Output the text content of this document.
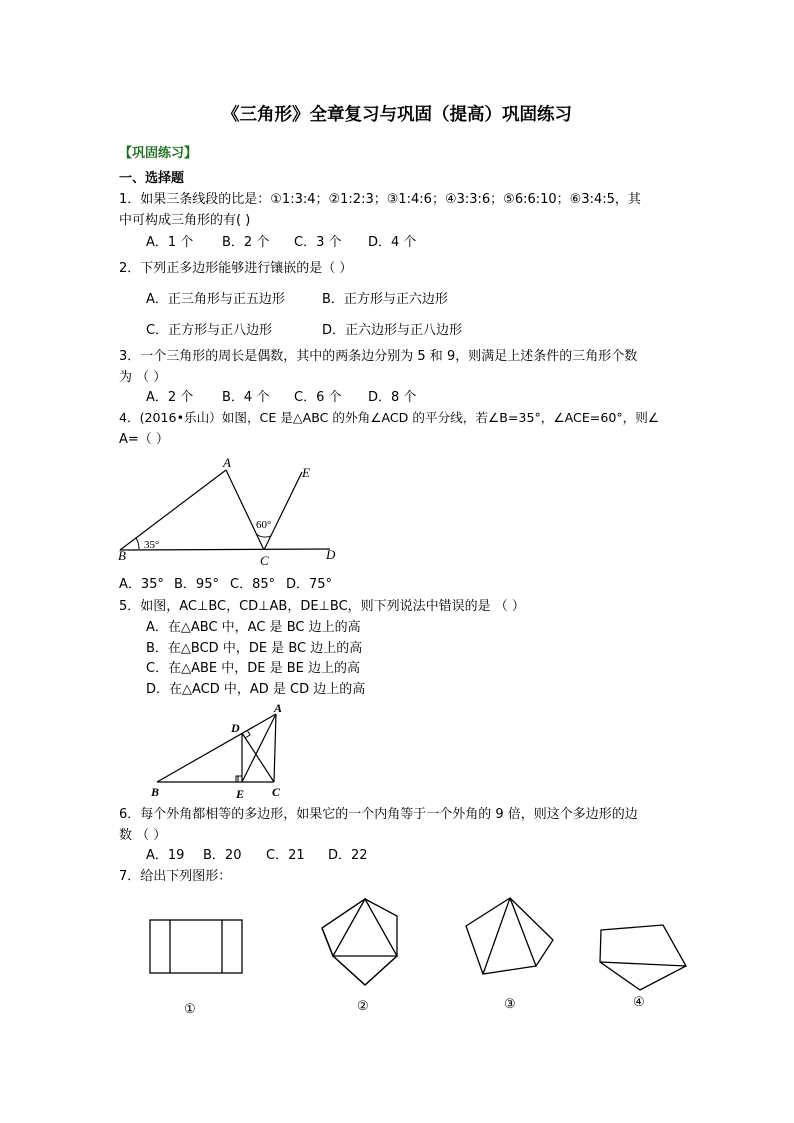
《三角形》全章复习与巩固（提高）巩固练习
【巩固练习】
一、选择题
1．如果三条线段的比是：①1:3:4；②1:2:3；③1:4:6；④3:3:6；⑤6:6:10；⑥3:4:5，其
中可构成三角形的有( )
A．1 个 B．2 个 C．3 个 D．4 个
2．下列正多边形能够进行镶嵌的是（ ）
A．正三角形与正五边形	B．正方形与正六边形
C．正方形与正八边形	D．正六边形与正八边形
3．一个三角形的周长是偶数，其中的两条边分别为 5 和 9，则满足上述条件的三角形个数
为 （ ）
A．2 个 B．4 个 C．6 个 D．8 个
4．(2016•乐山）如图，CE 是△ABC 的外角∠ACD 的平分线，若∠B=35°，∠ACE=60°，则∠
A=（ ）
A
E
B	C	D
35°
60°
A．35° B．95° C．85° D．75°
5．如图，AC⊥BC，CD⊥AB，DE⊥BC，则下列说法中错误的是 （ ）
A．在△ABC 中，AC 是 BC 边上的高
B．在△BCD 中，DE 是 BC 边上的高
C．在△ABE 中，DE 是 BE 边上的高
D．在△ACD 中，AD 是 CD 边上的高
A
D
B	E C
6．每个外角都相等的多边形，如果它的一个内角等于一个外角的 9 倍，则这个多边形的边
数 （ ）
A．19 B．20 C．21 D．22
7．给出下列图形：
①	②	③	④
